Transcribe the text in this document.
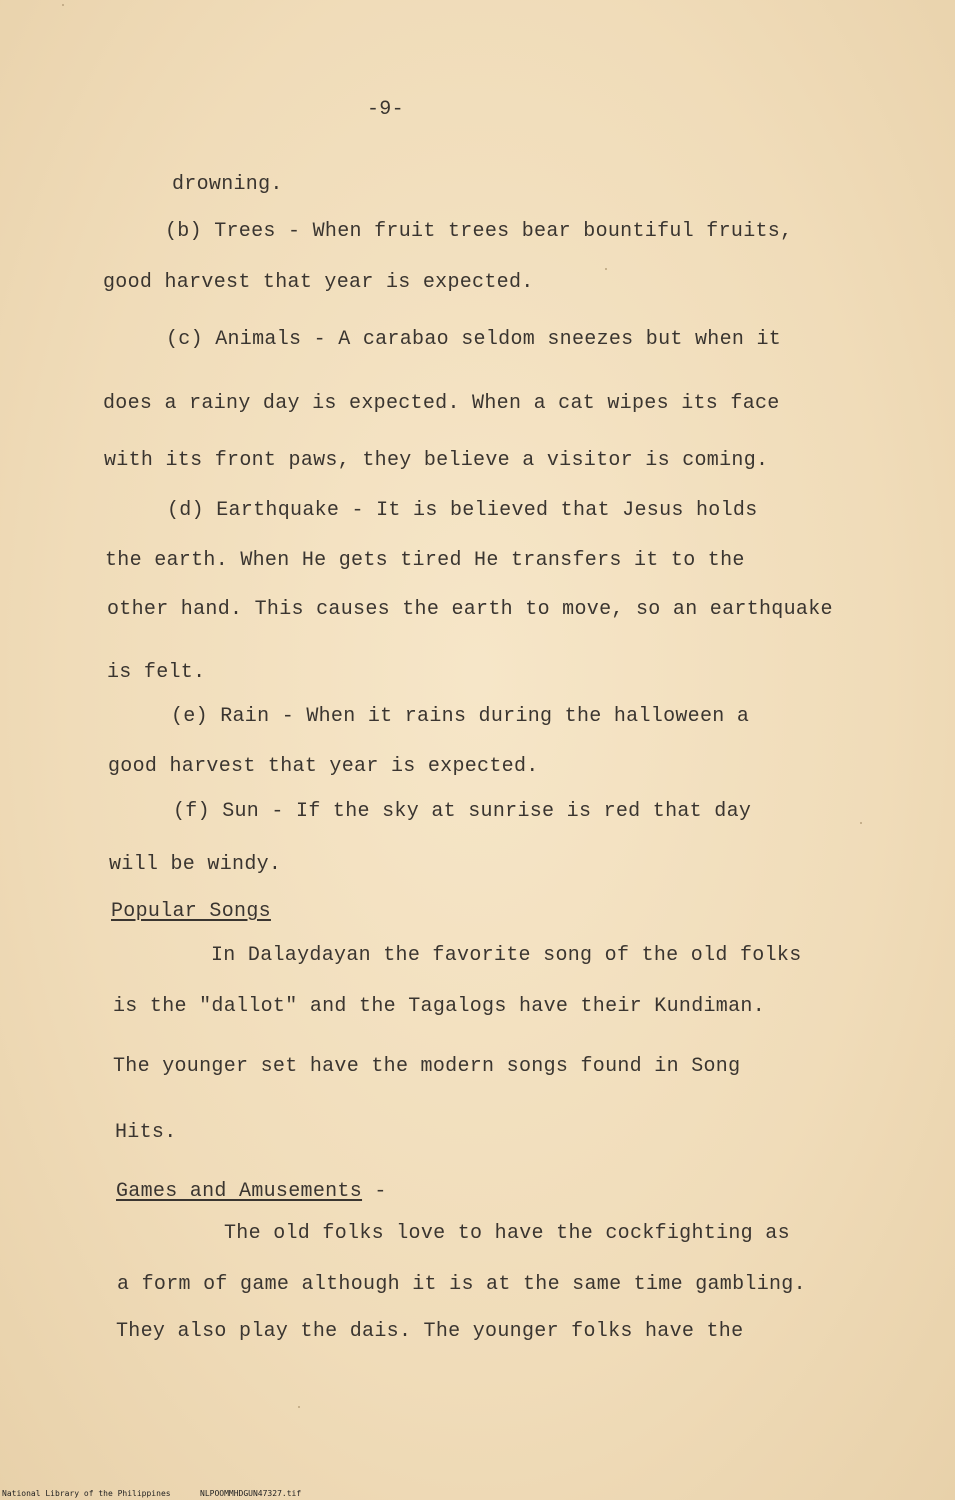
-9-
drowning.
(b) Trees - When fruit trees bear bountiful fruits,
good harvest that year is expected.
(c) Animals - A carabao seldom sneezes but when it
does a rainy day is expected. When a cat wipes its face
with its front paws, they believe a visitor is coming.
(d) Earthquake - It is believed that Jesus holds
the earth. When He gets tired He transfers it to the
other hand. This causes the earth to move, so an earthquake
is felt.
(e) Rain - When it rains during the halloween a
good harvest that year is expected.
(f) Sun - If the sky at sunrise is red that day
will be windy.
Popular Songs
In Dalaydayan the favorite song of the old folks
is the "dallot" and the Tagalogs have their Kundiman.
The younger set have the modern songs found in Song
Hits.
Games and Amusements -
The old folks love to have the cockfighting as
a form of game although it is at the same time gambling.
They also play the dais. The younger folks have the
National Library of the Philippines	NLPOOMMHDGUN47327.tif
